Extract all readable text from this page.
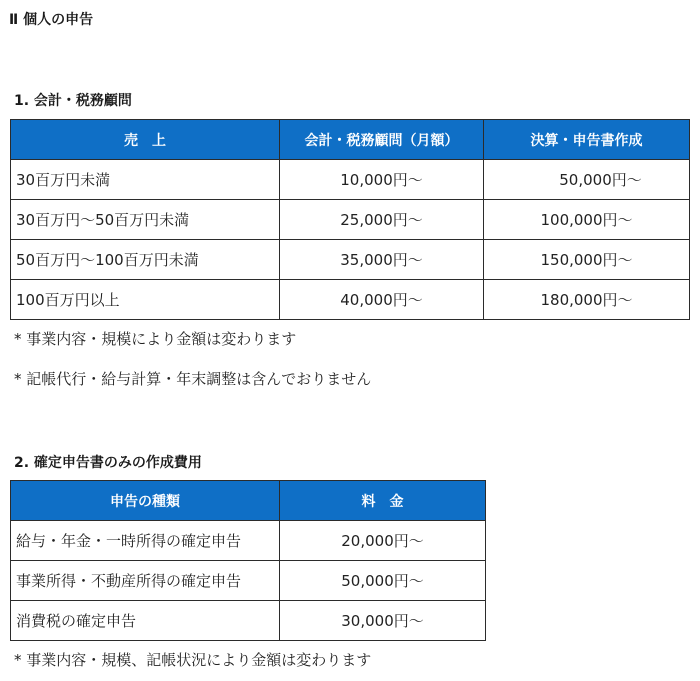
Ⅱ 個人の申告
1. 会計・税務顧問
売　上	会計・税務顧問（月額）	決算・申告書作成
30百万円未満	10,000円～	50,000円～
30百万円～50百万円未満	25,000円～	100,000円～
50百万円～100百万円未満	35,000円～	150,000円～
100百万円以上	40,000円～	180,000円～
* 事業内容・規模により金額は変わります
* 記帳代行・給与計算・年末調整は含んでおりません
2. 確定申告書のみの作成費用
申告の種類	料　金
給与・年金・一時所得の確定申告	20,000円～
事業所得・不動産所得の確定申告	50,000円～
消費税の確定申告	30,000円～
* 事業内容・規模、記帳状況により金額は変わります
